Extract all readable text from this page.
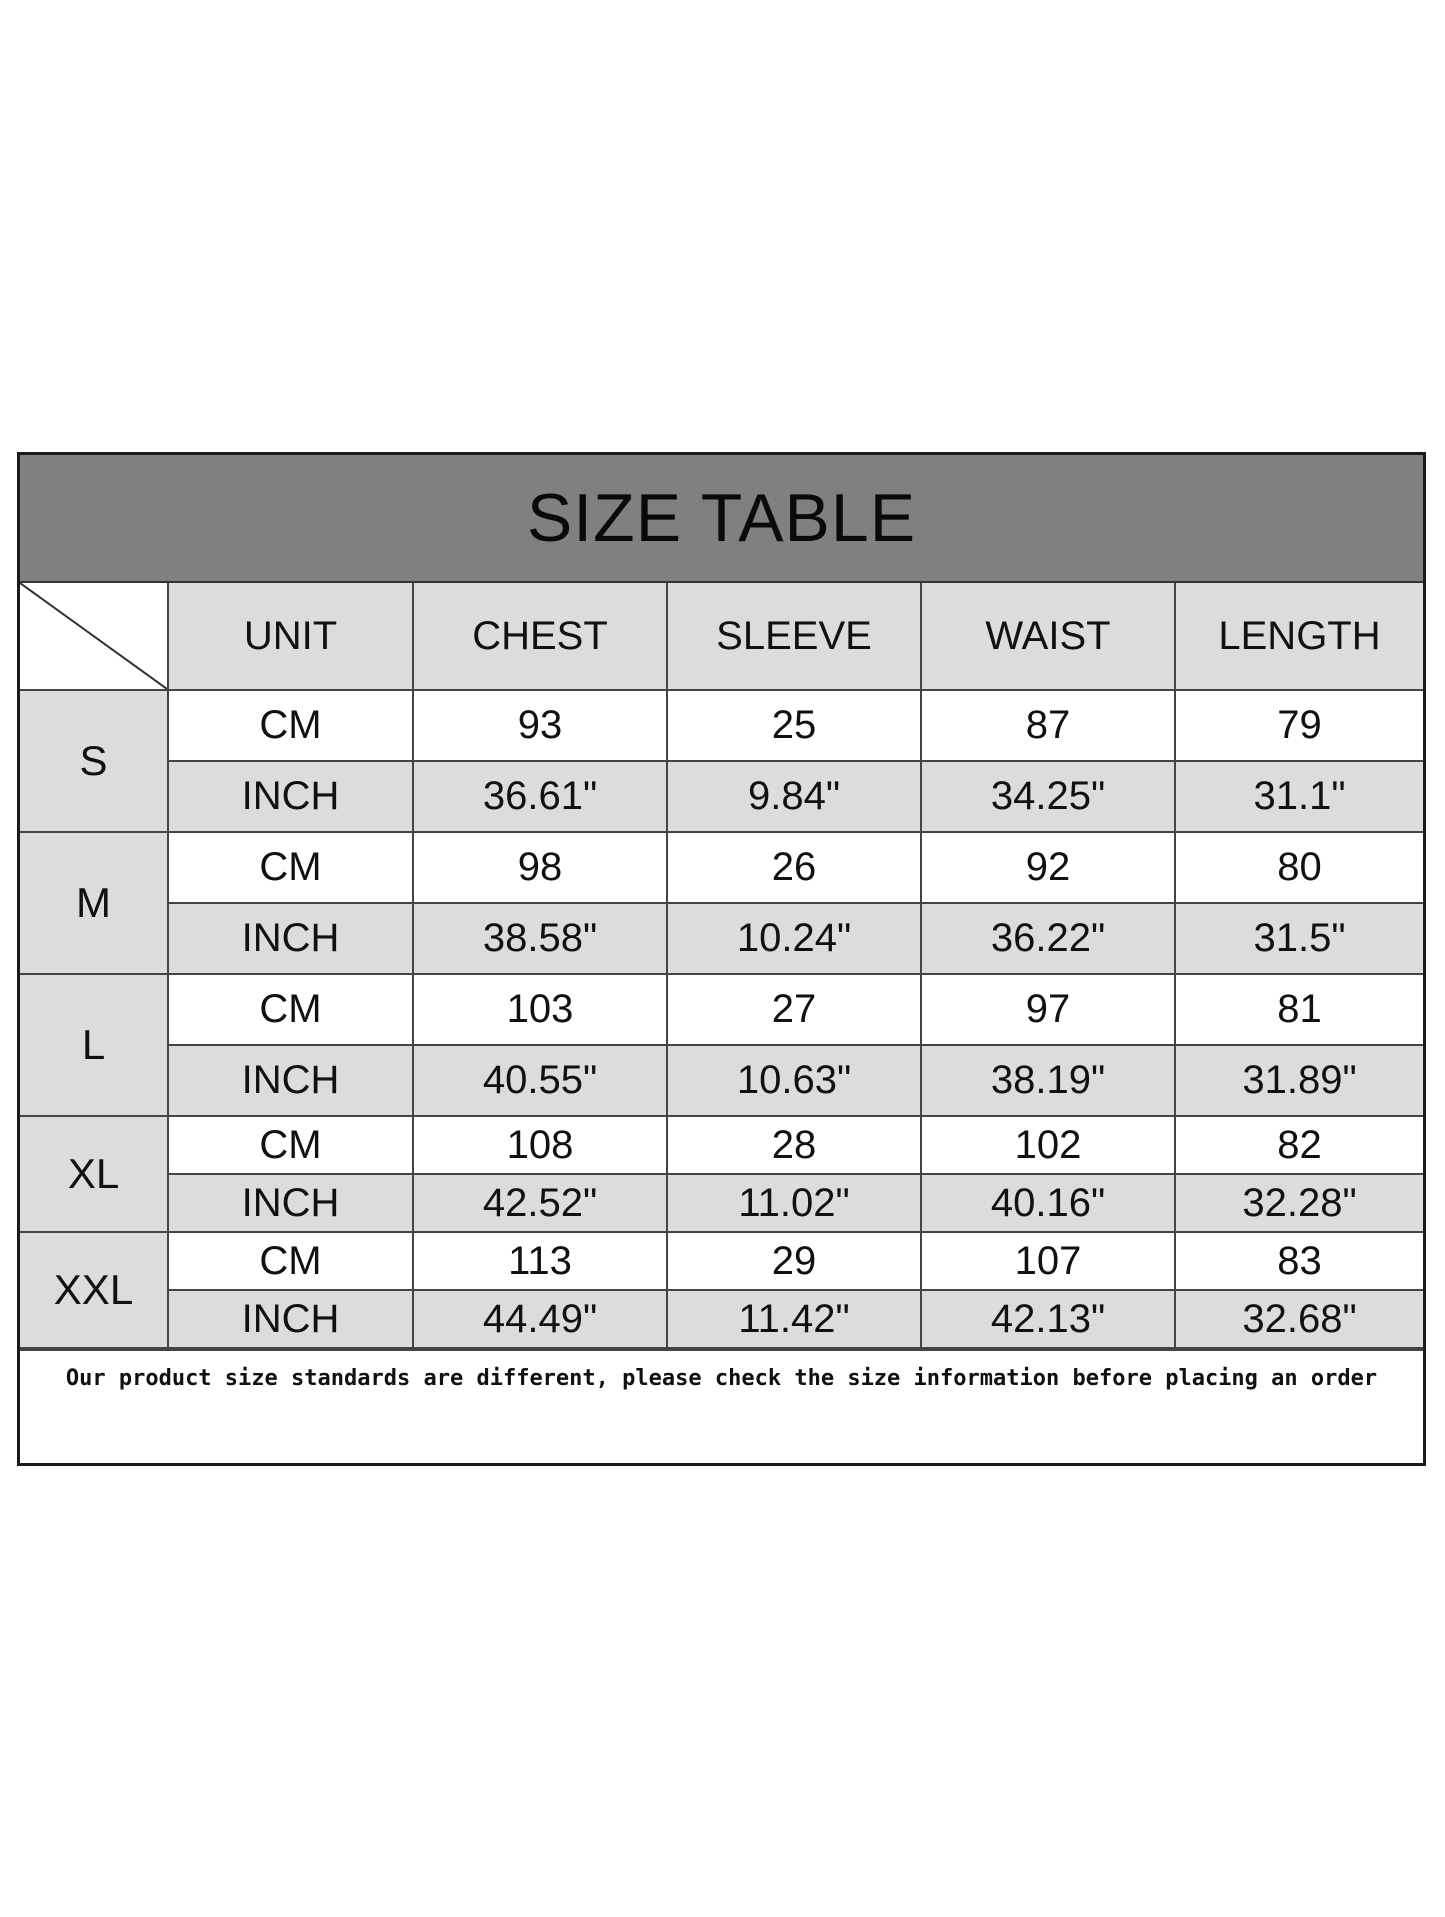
SIZE TABLE
	UNIT	CHEST	SLEEVE	WAIST	LENGTH
S	CM	93	25	87	79
	INCH	36.61"	9.84"	34.25"	31.1"
M	CM	98	26	92	80
	INCH	38.58"	10.24"	36.22"	31.5"
L	CM	103	27	97	81
	INCH	40.55"	10.63"	38.19"	31.89"
XL	CM	108	28	102	82
	INCH	42.52"	11.02"	40.16"	32.28"
XXL	CM	113	29	107	83
	INCH	44.49"	11.42"	42.13"	32.68"
Our product size standards are different, please check the size information before placing an order
